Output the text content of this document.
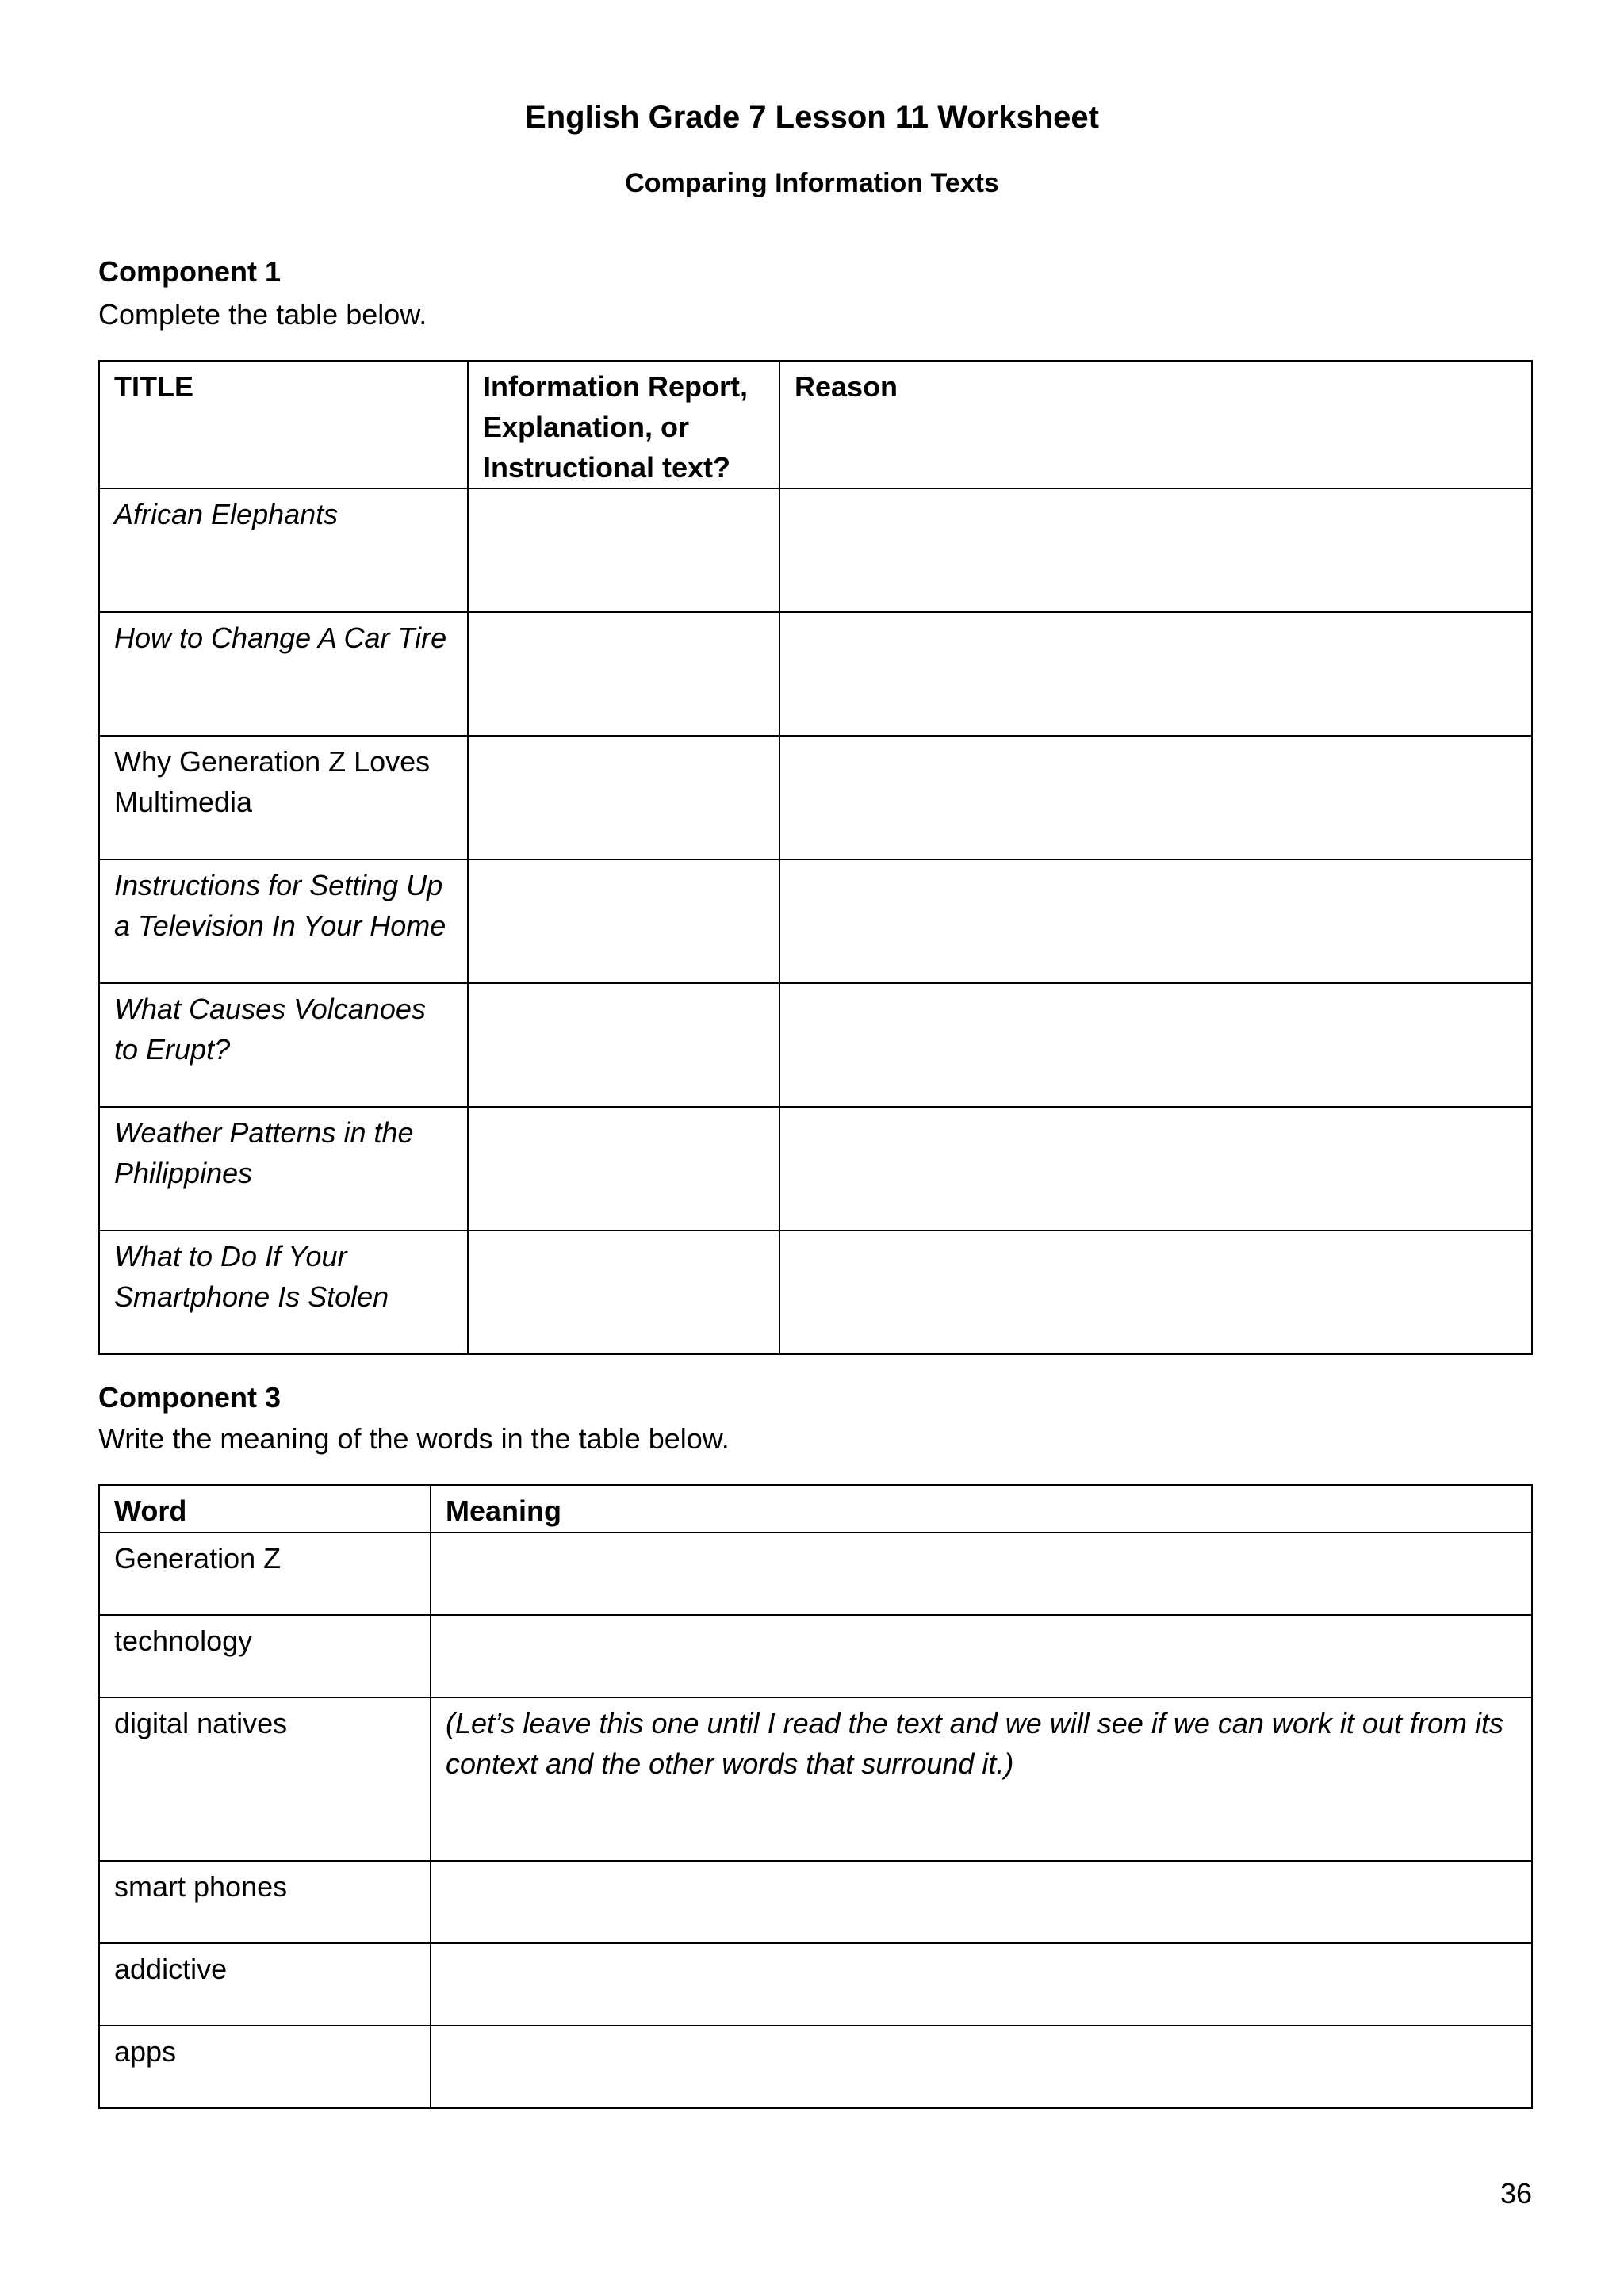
English Grade 7 Lesson 11 Worksheet
Comparing Information Texts
Component 1
Complete the table below.
TITLE	Information Report, Explanation, or Instructional text?	Reason
African Elephants		
How to Change A Car Tire		
Why Generation Z Loves Multimedia		
Instructions for Setting Up a Television In Your Home		
What Causes Volcanoes to Erupt?		
Weather Patterns in the Philippines		
What to Do If Your Smartphone Is Stolen		
Component 3
Write the meaning of the words in the table below.
Word	Meaning
Generation Z	
technology	
digital natives	(Let’s leave this one until I read the text and we will see if we can work it out from its context and the other words that surround it.)
smart phones	
addictive	
apps	
36
